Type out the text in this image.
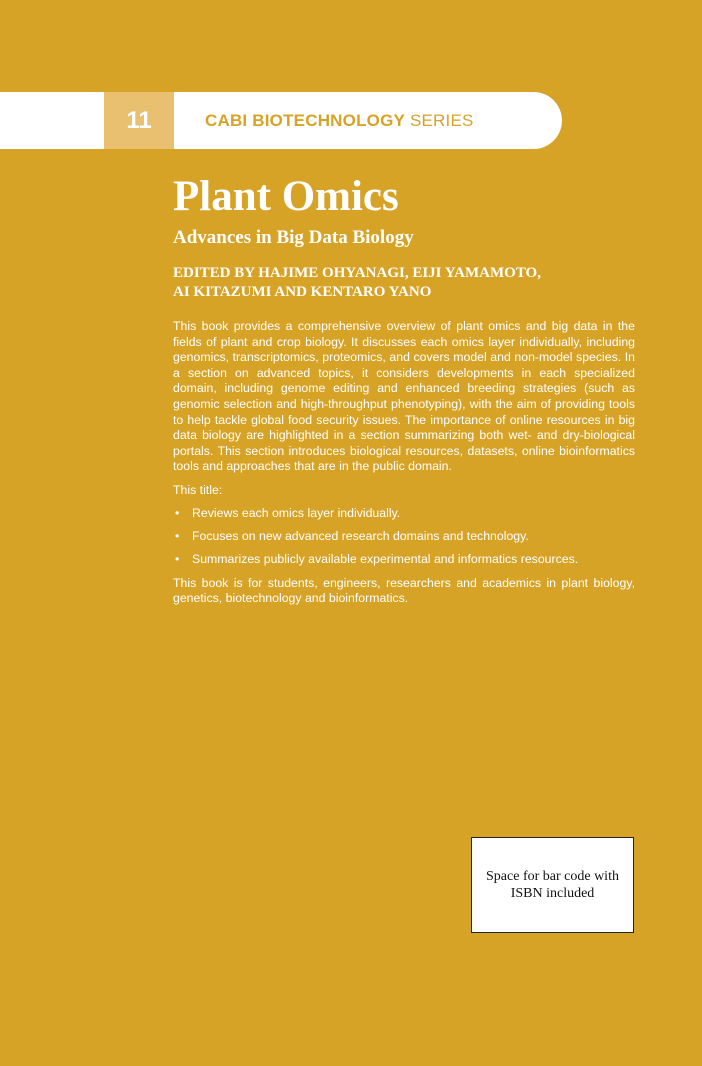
11	CABI BIOTECHNOLOGY SERIES
Plant Omics
Advances in Big Data Biology
EDITED BY HAJIME OHYANAGI, EIJI YAMAMOTO,
AI KITAZUMI AND KENTARO YANO

This book provides a comprehensive overview of plant omics and big data in the fields of plant and crop biology. It discusses each omics layer individually, including genomics, transcriptomics, proteomics, and covers model and non-model species. In a section on advanced topics, it considers developments in each specialized domain, including genome editing and enhanced breeding strategies (such as genomic selection and high-throughput phenotyping), with the aim of providing tools to help tackle global food security issues. The importance of online resources in big data biology are highlighted in a section summarizing both wet- and dry-biological portals. This section introduces biological resources, datasets, online bioinformatics tools and approaches that are in the public domain.

This title:

• Reviews each omics layer individually.
• Focuses on new advanced research domains and technology.
• Summarizes publicly available experimental and informatics resources.

This book is for students, engineers, researchers and academics in plant biology, genetics, biotechnology and bioinformatics.

Space for bar code with ISBN included
